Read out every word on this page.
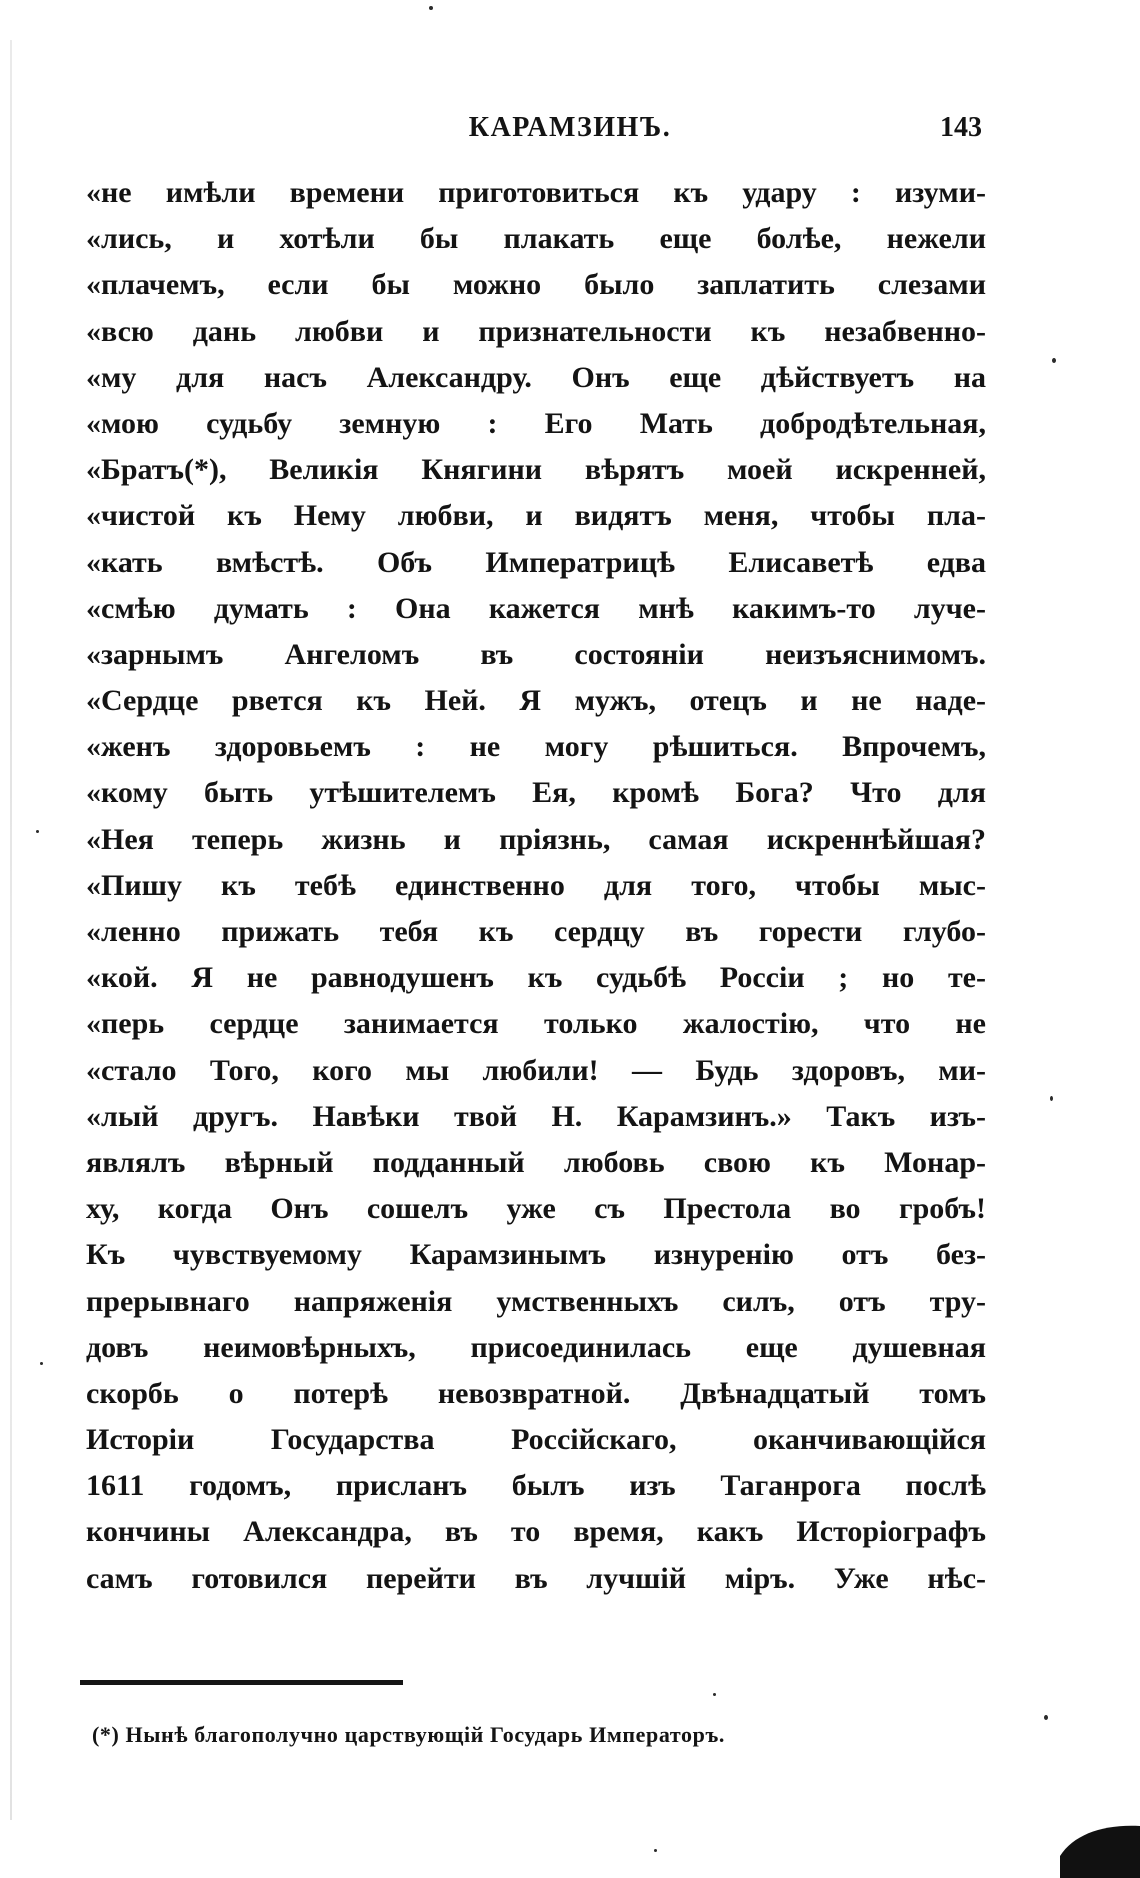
КАРАМЗИНЪ.	143
«не имѣли времени приготовиться къ удару : изуми-
«лись, и хотѣли бы плакать еще болѣе, нежели
«плачемъ, если бы можно было заплатить слезами
«всю дань любви и признательности къ незабвенно-
«му для насъ Александру. Онъ еще дѣйствуетъ на
«мою судьбу земную : Его Мать добродѣтельная,
«Братъ(*), Великія Княгини вѣрятъ моей искренней,
«чистой къ Нему любви, и видятъ меня, чтобы пла-
«кать вмѣстѣ. Объ Императрицѣ Елисаветѣ едва
«смѣю думать : Она кажется мнѣ какимъ-то луче-
«зарнымъ Ангеломъ въ состояніи неизъяснимомъ.
«Сердце рвется къ Ней. Я мужъ, отецъ и не наде-
«женъ здоровьемъ : не могу рѣшиться. Впрочемъ,
«кому быть утѣшителемъ Ея, кромѣ Бога? Что для
«Нея теперь жизнь и пріязнь, самая искреннѣйшая?
«Пишу къ тебѣ единственно для того, чтобы мыс-
«ленно прижать тебя къ сердцу въ горести глубо-
«кой. Я не равнодушенъ къ судьбѣ Россіи ; но те-
«перь сердце занимается только жалостію, что не
«стало Того, кого мы любили! — Будь здоровъ, ми-
«лый другъ. Навѣки твой Н. Карамзинъ.» Такъ изъ-
являлъ вѣрный подданный любовь свою къ Монар-
ху, когда Онъ сошелъ уже съ Престола во гробъ!
Къ чувствуемому Карамзинымъ изнуренію отъ без-
прерывнаго напряженія умственныхъ силъ, отъ тру-
довъ неимовѣрныхъ, присоединилась еще душевная
скорбь о потерѣ невозвратной. Двѣнадцатый томъ
Исторіи Государства Россійскаго, оканчивающійся
1611 годомъ, присланъ былъ изъ Таганрога послѣ
кончины Александра, въ то время, какъ Исторіографъ
самъ готовился перейти въ лучшій міръ. Уже нѣс-
(*) Нынѣ благополучно царствующій Государь Императоръ.
